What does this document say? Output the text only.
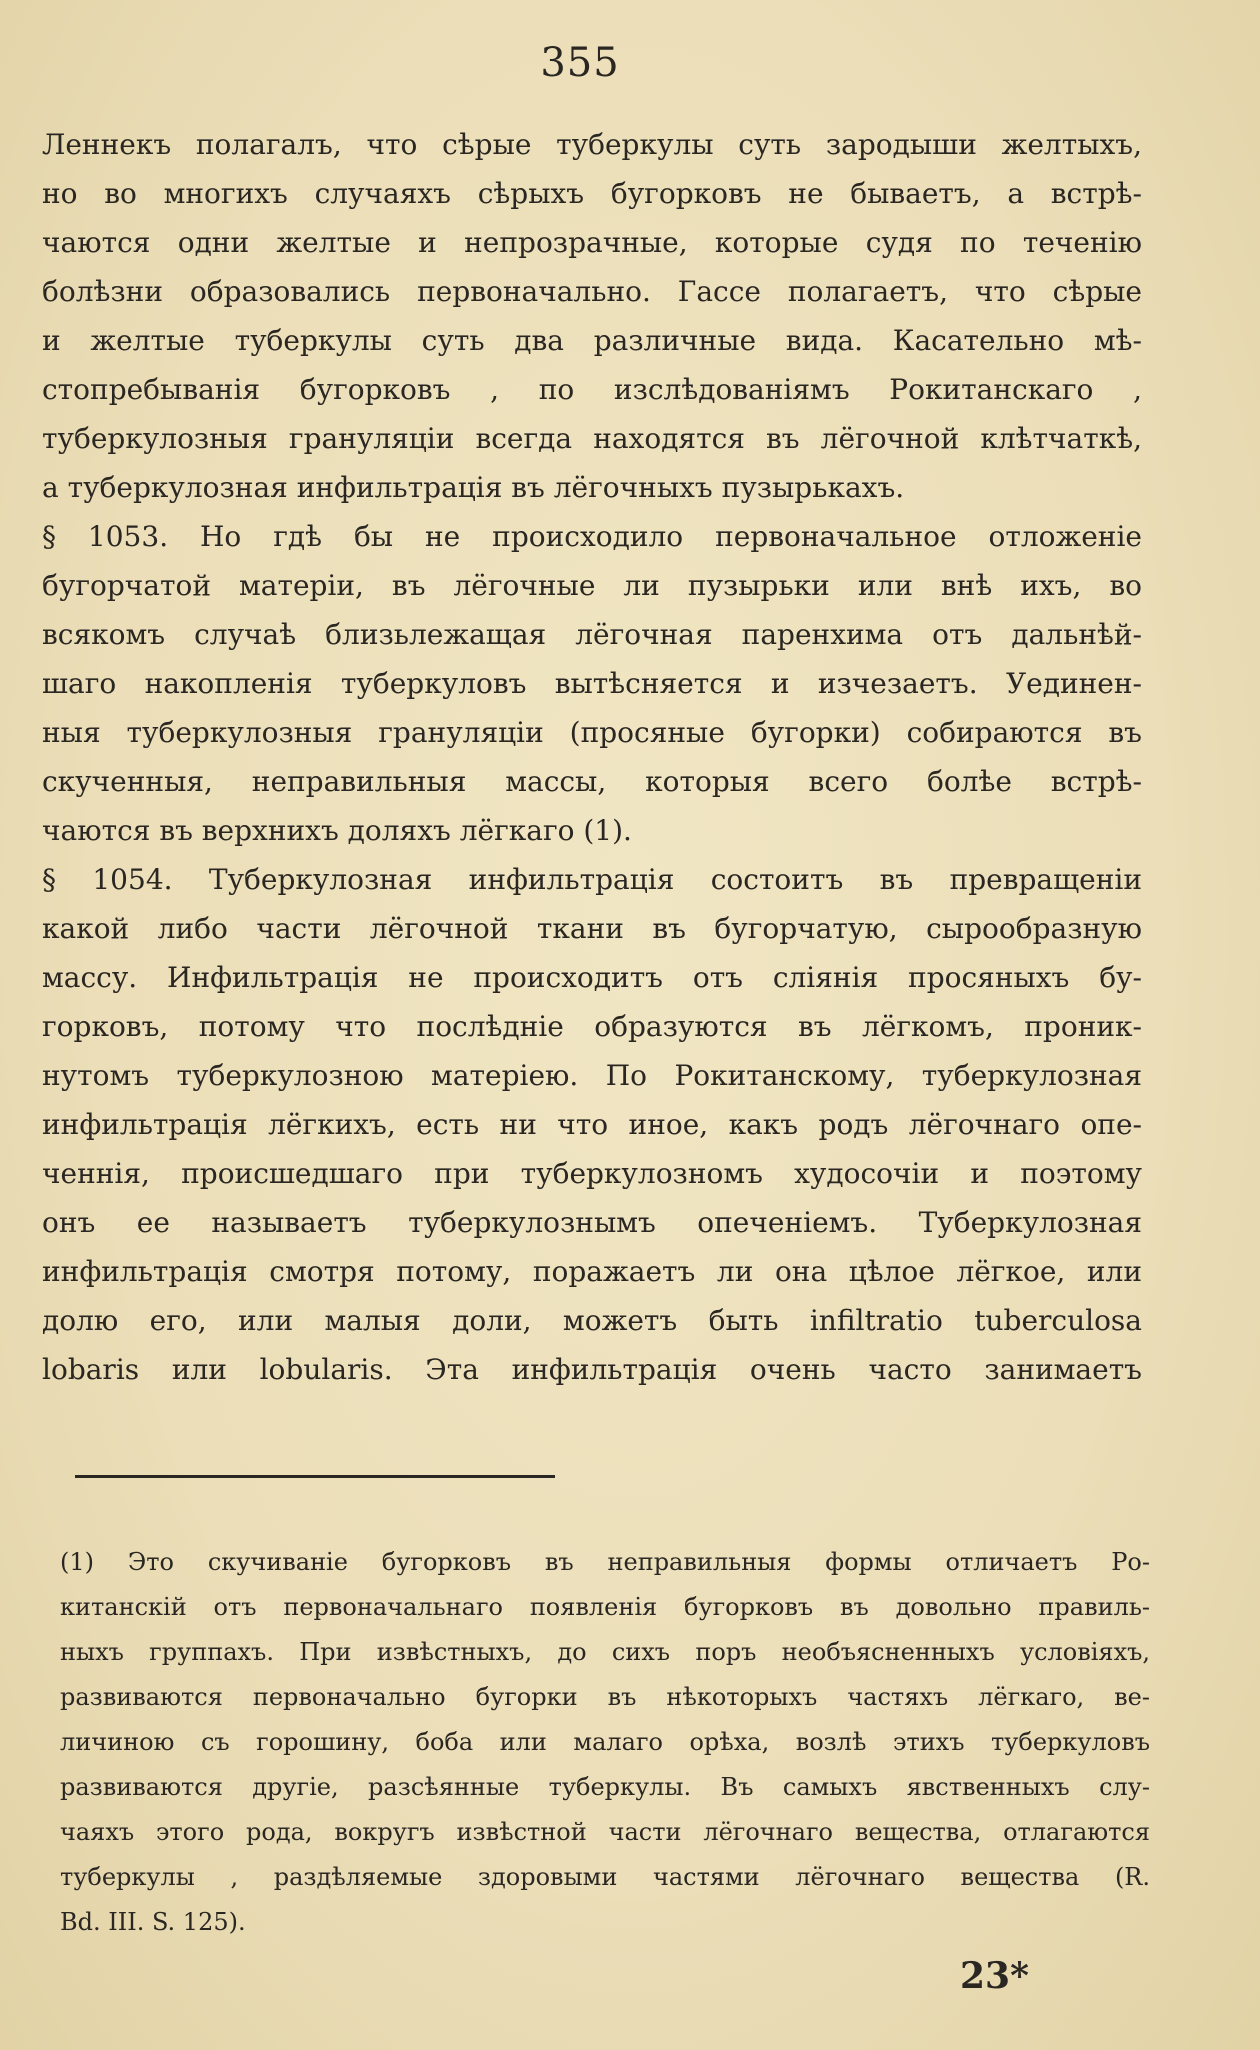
355
Леннекъ полагалъ, что сѣрые туберкулы суть зародыши желтыхъ,
но во многихъ случаяхъ сѣрыхъ бугорковъ не бываетъ, а встрѣ-
чаются одни желтые и непрозрачные, которые судя по теченію
болѣзни образовались первоначально. Гассе полагаетъ, что сѣрые
и желтые туберкулы суть два различные вида. Касательно мѣ-
стопребыванія бугорковъ , по изслѣдованіямъ Рокитанскаго ,
туберкулозныя грануляціи всегда находятся въ лёгочной клѣтчаткѣ,
а туберкулозная инфильтрація въ лёгочныхъ пузырькахъ.
§ 1053. Но гдѣ бы не происходило первоначальное отложеніе
бугорчатой матеріи, въ лёгочные ли пузырьки или внѣ ихъ, во
всякомъ случаѣ близьлежащая лёгочная паренхима отъ дальнѣй-
шаго накопленія туберкуловъ вытѣсняется и изчезаетъ. Уединен-
ныя туберкулозныя грануляціи (просяные бугорки) собираются въ
скученныя, неправильныя массы, которыя всего болѣе встрѣ-
чаются въ верхнихъ доляхъ лёгкаго (1).
§ 1054. Туберкулозная инфильтрація состоитъ въ превращеніи
какой либо части лёгочной ткани въ бугорчатую, сырообразную
массу. Инфильтрація не происходитъ отъ слiянія просяныхъ бу-
горковъ, потому что послѣдніе образуются въ лёгкомъ, проник-
нутомъ туберкулозною матеріею. По Рокитанскому, туберкулозная
инфильтрація лёгкихъ, есть ни что иное, какъ родъ лёгочнаго опе-
ченнія, происшедшаго при туберкулозномъ худосочіи и поэтому
онъ ее называетъ туберкулознымъ опеченіемъ. Туберкулозная
инфильтрація смотря потому, поражаетъ ли она цѣлое лёгкое, или
долю его, или малыя доли, можетъ быть infiltratio tuberculosa
lobaris или lobularis. Эта инфильтрація очень часто занимаетъ
(1) Это скучиваніе бугорковъ въ неправильныя формы отличаетъ Ро-
китанскій отъ первоначальнаго появленія бугорковъ въ довольно правиль-
ныхъ группахъ. При извѣстныхъ, до сихъ поръ необъясненныхъ условіяхъ,
развиваются первоначально бугорки въ нѣкоторыхъ частяхъ лёгкаго, ве-
личиною съ горошину, боба или малаго орѣха, возлѣ этихъ туберкуловъ
развиваются другіе, разсѣянные туберкулы. Въ самыхъ явственныхъ слу-
чаяхъ этого рода, вокругъ извѣстной части лёгочнаго вещества, отлагаются
туберкулы , раздѣляемые здоровыми частями лёгочнаго вещества (R.
Bd. III. S. 125).
23*
